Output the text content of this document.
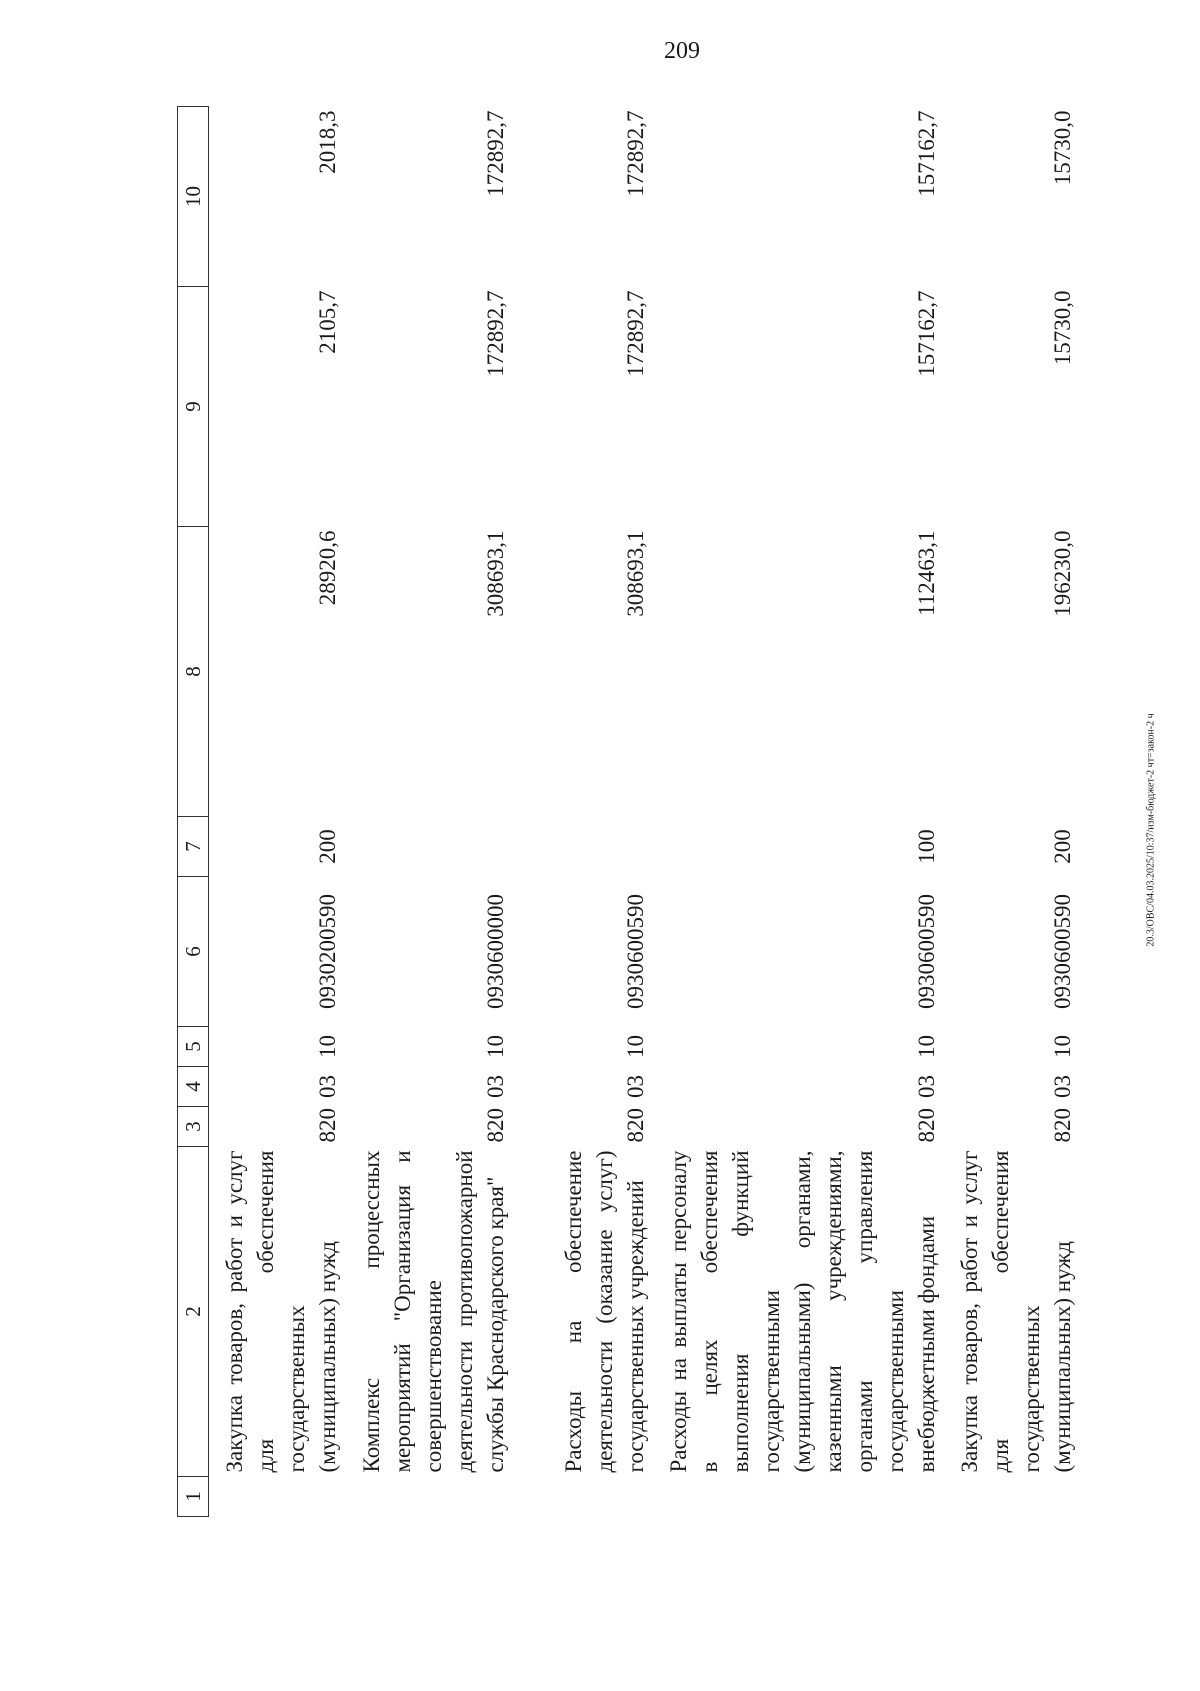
209
20.3/ОВС/04.03.2025/10:37/изм-бюджет-2 чт=закон-2 ч
1	2	3	4	5	6	7	8	9	10
	Закупка товаров, работ и услуг для обеспечения государственных (муниципальных) нужд	820	03	10	0930200590	200	28920,6	2105,7	2018,3
	Комплекс процессных мероприятий "Организация и совершенствование деятельности противопожарной службы Краснодарского края"	820	03	10	0930600000		308693,1	172892,7	172892,7
	Расходы на обеспечение деятельности (оказание услуг) государственных учреждений	820	03	10	0930600590		308693,1	172892,7	172892,7
	Расходы на выплаты персоналу в целях обеспечения выполнения функций государственными (муниципальными) органами, казенными учреждениями, органами управления государственными внебюджетными фондами	820	03	10	0930600590	100	112463,1	157162,7	157162,7
	Закупка товаров, работ и услуг для обеспечения государственных (муниципальных) нужд	820	03	10	0930600590	200	196230,0	15730,0	15730,0
